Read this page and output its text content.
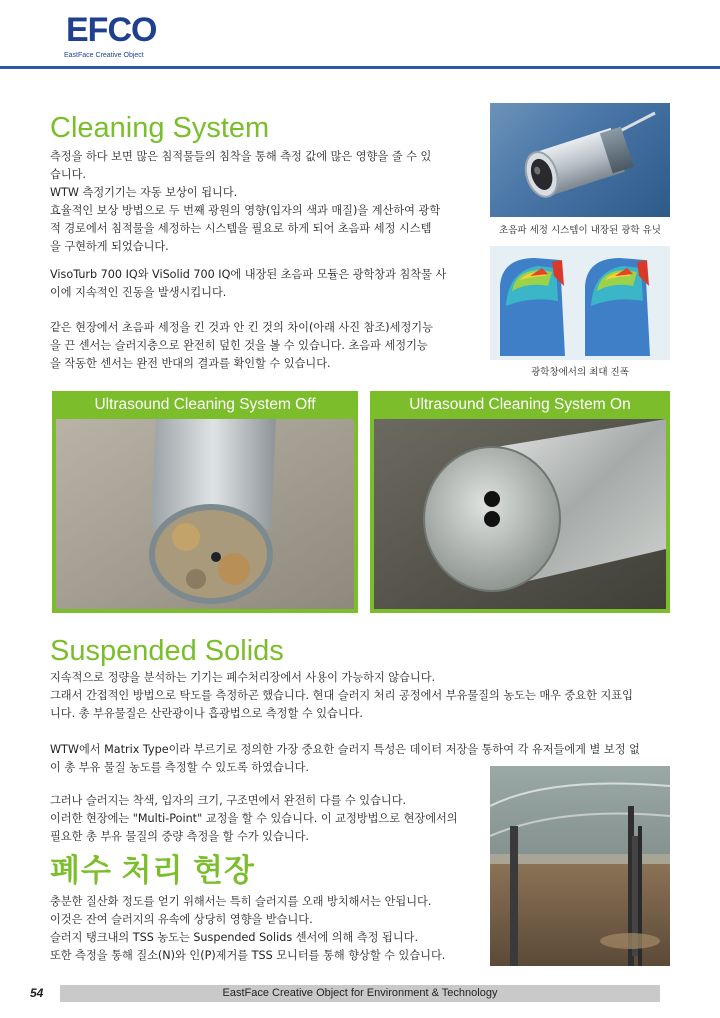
EFCO
EastFace Creative Object
Cleaning System
측정을 하다 보면 많은 침적물들의 침착을 통해 측정 값에 많은 영향을 줄 수 있
습니다.
WTW 측정기기는 자동 보상이 됩니다.
효율적인 보상 방법으로 두 번째 광원의 영향(입자의 색과 매질)을 계산하여 광학
적 경로에서 침적물을 세정하는 시스템을 필요로 하게 되어 초음파 세정 시스템
을 구현하게 되었습니다.
VisoTurb 700 IQ와 ViSolid 700 IQ에 내장된 초음파 모듈은 광학창과 침착물 사
이에 지속적인 진동을 발생시킵니다.
같은 현장에서 초음파 세정을 킨 것과 안 킨 것의 차이(아래 사진 참조)세정기능
을 끈 센서는 슬러지층으로 완전히 덮힌 것을 볼 수 있습니다. 초음파 세정기능
을 작동한 센서는 완전 반대의 결과를 확인할 수 있습니다.
초음파 세정 시스템이 내장된 광학 유닛
광학창에서의 최대 진폭
Ultrasound Cleaning System Off	Ultrasound Cleaning System On
Suspended Solids
지속적으로 정량을 분석하는 기기는 폐수처리장에서 사용이 가능하지 않습니다.
그래서 간접적인 방법으로 탁도를 측정하곤 했습니다. 현대 슬러지 처리 공정에서 부유물질의 농도는 매우 중요한 지표입
니다. 총 부유물질은 산란광이나 흡광법으로 측정할 수 있습니다.
WTW에서 Matrix Type이라 부르기로 정의한 가장 중요한 슬러지 특성은 데이터 저장을 통하여 각 유저들에게 별 보정 없
이 총 부유 물질 농도를 측정할 수 있도록 하였습니다.
그러나 슬러지는 착색, 입자의 크기, 구조면에서 완전히 다를 수 있습니다.
이러한 현장에는 "Multi-Point" 교정을 할 수 있습니다. 이 교정방법으로 현장에서의
필요한 총 부유 물질의 중량 측정을 할 수가 있습니다.
폐수 처리 현장
충분한 질산화 정도를 얻기 위해서는 특히 슬러지를 오래 방치해서는 안됩니다.
이것은 잔여 슬러지의 유속에 상당히 영향을 받습니다.
슬러지 탱크내의 TSS 농도는 Suspended Solids 센서에 의해 측정 됩니다.
또한 측정을 통해 질소(N)와 인(P)제거를 TSS 모니터를 통해 향상할 수 있습니다.
54	EastFace Creative Object for Environment & Technology
